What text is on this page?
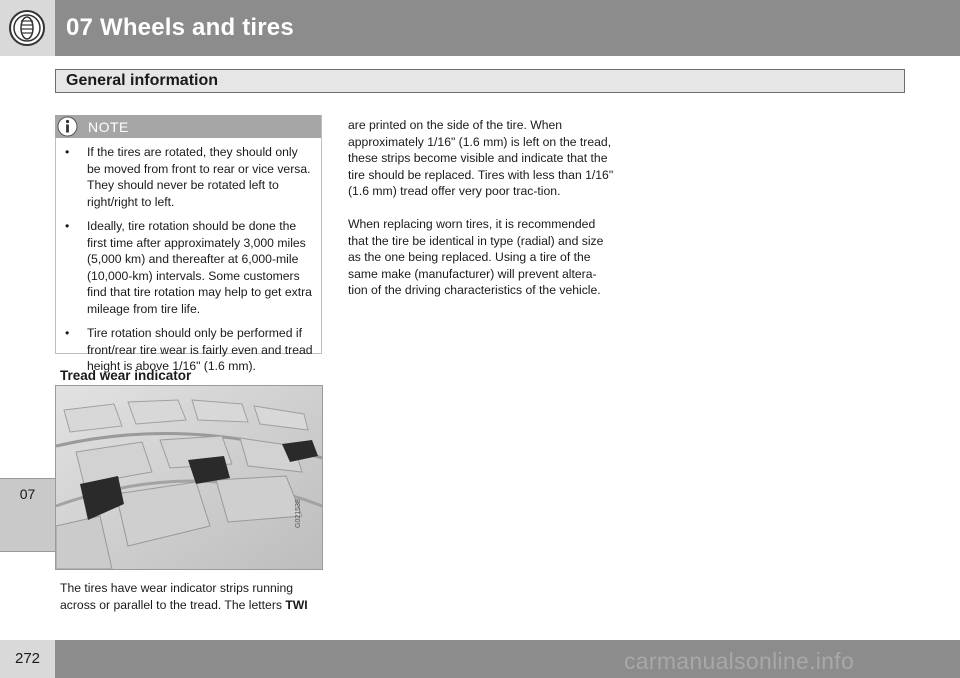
07 Wheels and tires
07
General information
NOTE
• If the tires are rotated, they should only be moved from front to rear or vice versa. They should never be rotated left to right/right to left.
• Ideally, tire rotation should be done the first time after approximately 3,000 miles (5,000 km) and thereafter at 6,000-mile (10,000-km) intervals. Some customers find that tire rotation may help to get extra mileage from tire life.
• Tire rotation should only be performed if front/rear tire wear is fairly even and tread height is above 1/16" (1.6 mm).
Tread wear indicator
G021538

The tires have wear indicator strips running across or parallel to the tread. The letters TWI

are printed on the side of the tire. When approximately 1/16" (1.6 mm) is left on the tread, these strips become visible and indicate that the tire should be replaced. Tires with less than 1/16" (1.6 mm) tread offer very poor trac-tion.

When replacing worn tires, it is recommended that the tire be identical in type (radial) and size as the one being replaced. Using a tire of the same make (manufacturer) will prevent altera-tion of the driving characteristics of the vehicle.

272	carmanualsonline.info
